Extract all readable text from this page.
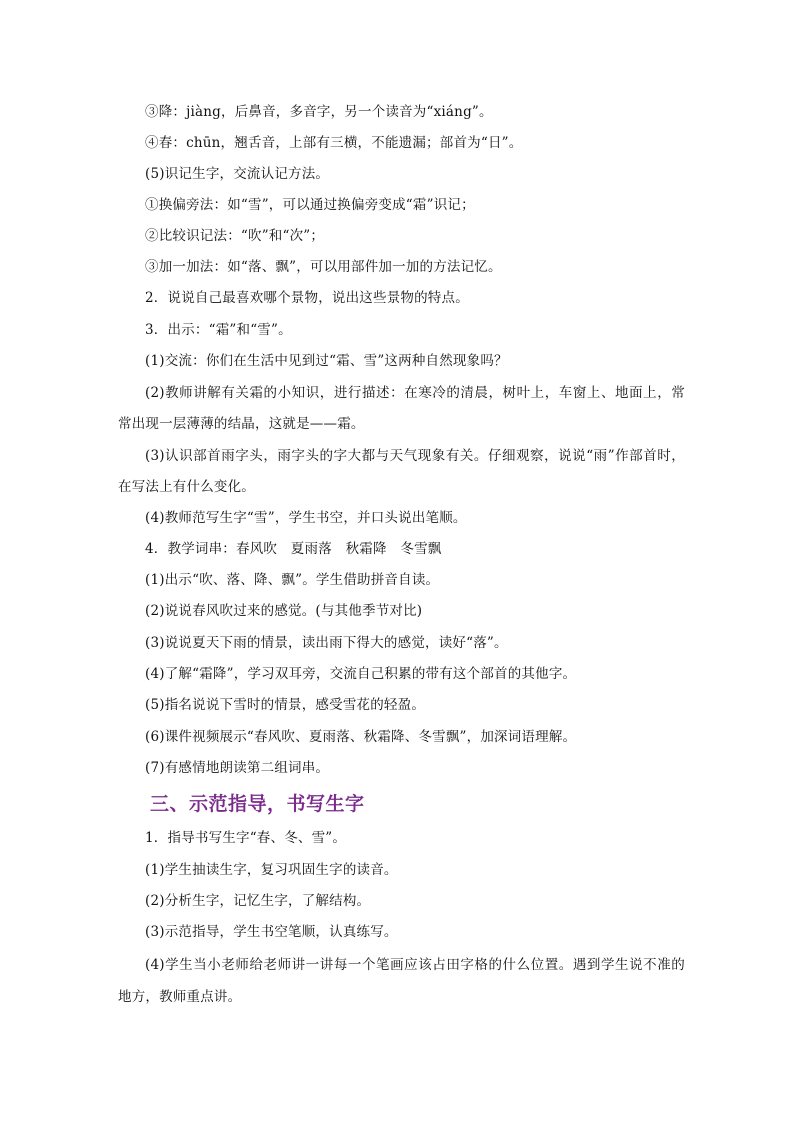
③降：jiàng，后鼻音，多音字，另一个读音为“xiáng”。
④春：chūn，翘舌音，上部有三横，不能遗漏；部首为“日”。
(5)识记生字，交流认记方法。
①换偏旁法：如“雪”，可以通过换偏旁变成“霜”识记；
②比较识记法：“吹”和“次”；
③加一加法：如“落、飘”，可以用部件加一加的方法记忆。
2．说说自己最喜欢哪个景物，说出这些景物的特点。
3．出示：“霜”和“雪”。
(1)交流：你们在生活中见到过“霜、雪”这两种自然现象吗？
(2)教师讲解有关霜的小知识，进行描述：在寒冷的清晨，树叶上，车窗上、地面上，常
常出现一层薄薄的结晶，这就是——霜。
(3)认识部首雨字头，雨字头的字大都与天气现象有关。仔细观察，说说“雨”作部首时，
在写法上有什么变化。
(4)教师范写生字“雪”，学生书空，并口头说出笔顺。
4．教学词串：春风吹　夏雨落　秋霜降　冬雪飘
(1)出示“吹、落、降、飘”。学生借助拼音自读。
(2)说说春风吹过来的感觉。(与其他季节对比)
(3)说说夏天下雨的情景，读出雨下得大的感觉，读好“落”。
(4)了解“霜降”，学习双耳旁，交流自己积累的带有这个部首的其他字。
(5)指名说说下雪时的情景，感受雪花的轻盈。
(6)课件视频展示“春风吹、夏雨落、秋霜降、冬雪飘”，加深词语理解。
(7)有感情地朗读第二组词串。
三、示范指导，书写生字
1．指导书写生字“春、冬、雪”。
(1)学生抽读生字，复习巩固生字的读音。
(2)分析生字，记忆生字，了解结构。
(3)示范指导，学生书空笔顺，认真练写。
(4)学生当小老师给老师讲一讲每一个笔画应该占田字格的什么位置。遇到学生说不准的
地方，教师重点讲。
